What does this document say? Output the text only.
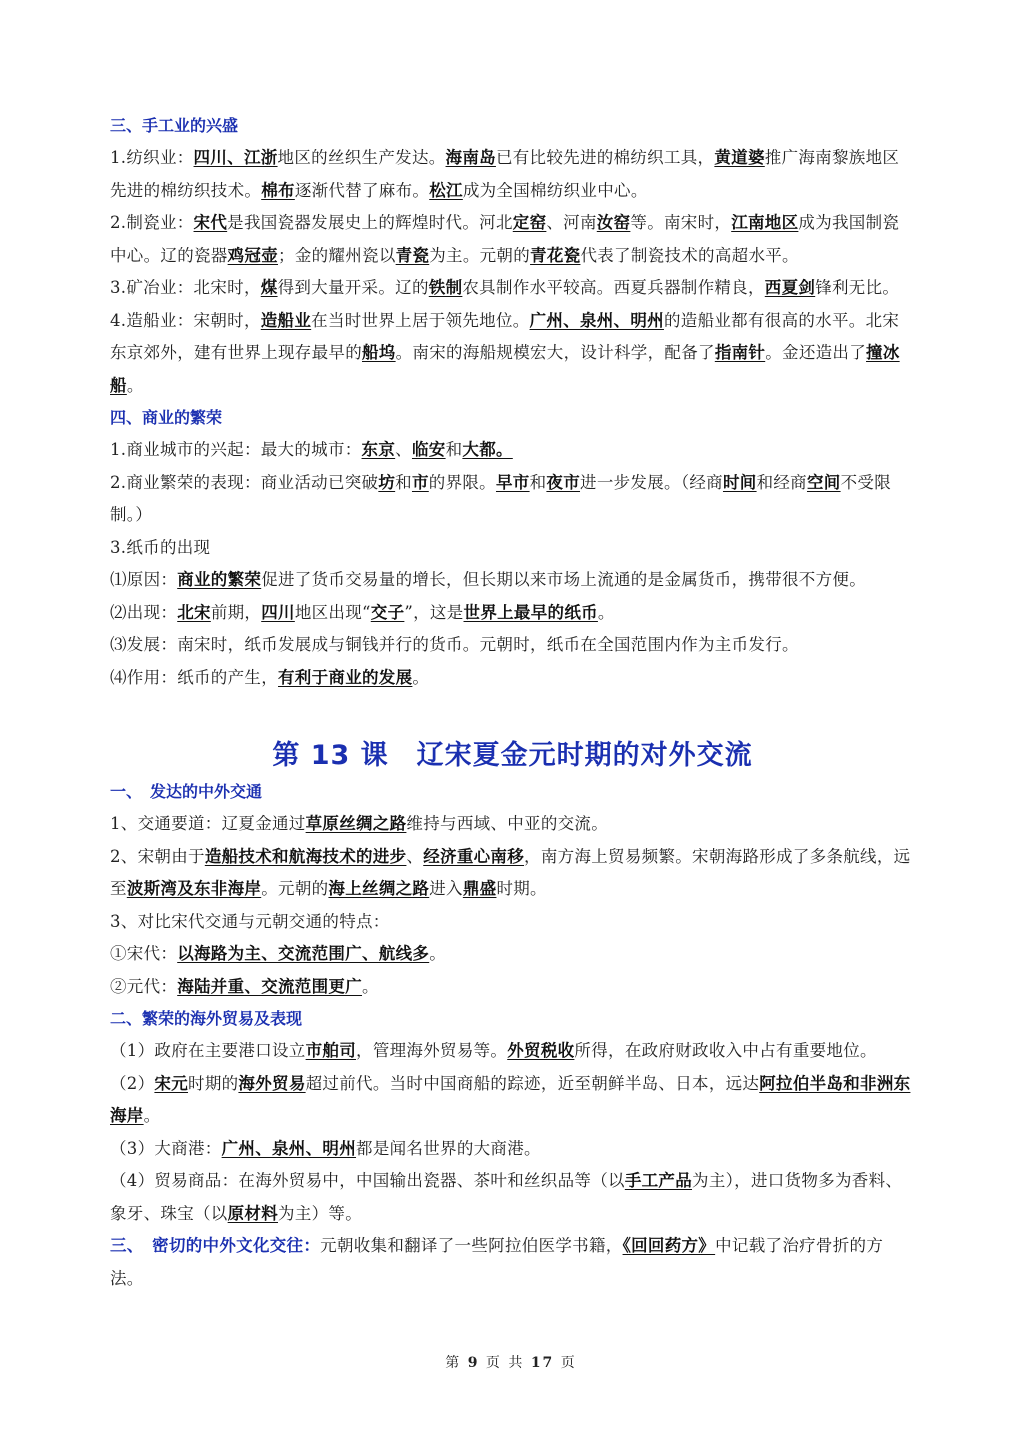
三、手工业的兴盛

1.纺织业：四川、江浙地区的丝织生产发达。海南岛已有比较先进的棉纺织工具，黄道婆推广海南黎族地区先进的棉纺织技术。棉布逐渐代替了麻布。松江成为全国棉纺织业中心。

2.制瓷业：宋代是我国瓷器发展史上的辉煌时代。河北定窑、河南汝窑等。南宋时，江南地区成为我国制瓷中心。辽的瓷器鸡冠壶；金的耀州瓷以青瓷为主。元朝的青花瓷代表了制瓷技术的高超水平。

3.矿冶业：北宋时，煤得到大量开采。辽的铁制农具制作水平较高。西夏兵器制作精良，西夏剑锋利无比。

4.造船业：宋朝时，造船业在当时世界上居于领先地位。广州、泉州、明州的造船业都有很高的水平。北宋东京郊外，建有世界上现存最早的船坞。南宋的海船规模宏大，设计科学，配备了指南针。金还造出了撞冰船。

四、商业的繁荣

1.商业城市的兴起：最大的城市：东京、临安和大都。

2.商业繁荣的表现：商业活动已突破坊和市的界限。早市和夜市进一步发展。（经商时间和经商空间不受限制。）

3.纸币的出现

⑴原因：商业的繁荣促进了货币交易量的增长，但长期以来市场上流通的是金属货币，携带很不方便。

⑵出现：北宋前期，四川地区出现“交子”，这是世界上最早的纸币。

⑶发展：南宋时，纸币发展成与铜钱并行的货币。元朝时，纸币在全国范围内作为主币发行。

⑷作用：纸币的产生，有利于商业的发展。

第 13 课　辽宋夏金元时期的对外交流
一、　发达的中外交通

1、交通要道：辽夏金通过草原丝绸之路维持与西域、中亚的交流。

2、宋朝由于造船技术和航海技术的进步、经济重心南移，南方海上贸易频繁。宋朝海路形成了多条航线，远至波斯湾及东非海岸。元朝的海上丝绸之路进入鼎盛时期。

3、对比宋代交通与元朝交通的特点：

①宋代：以海路为主、交流范围广、航线多。

②元代：海陆并重、交流范围更广。

二、繁荣的海外贸易及表现

（1）政府在主要港口设立市舶司，管理海外贸易等。外贸税收所得，在政府财政收入中占有重要地位。

（2）宋元时期的海外贸易超过前代。当时中国商船的踪迹，近至朝鲜半岛、日本，远达阿拉伯半岛和非洲东海岸。

（3）大商港：广州、泉州、明州都是闻名世界的大商港。

（4）贸易商品：在海外贸易中，中国输出瓷器、茶叶和丝织品等（以手工产品为主），进口货物多为香料、象牙、珠宝（以原材料为主）等。

三、　密切的中外文化交往：元朝收集和翻译了一些阿拉伯医学书籍，《回回药方》中记载了治疗骨折的方法。

第 9 页 共 17 页
